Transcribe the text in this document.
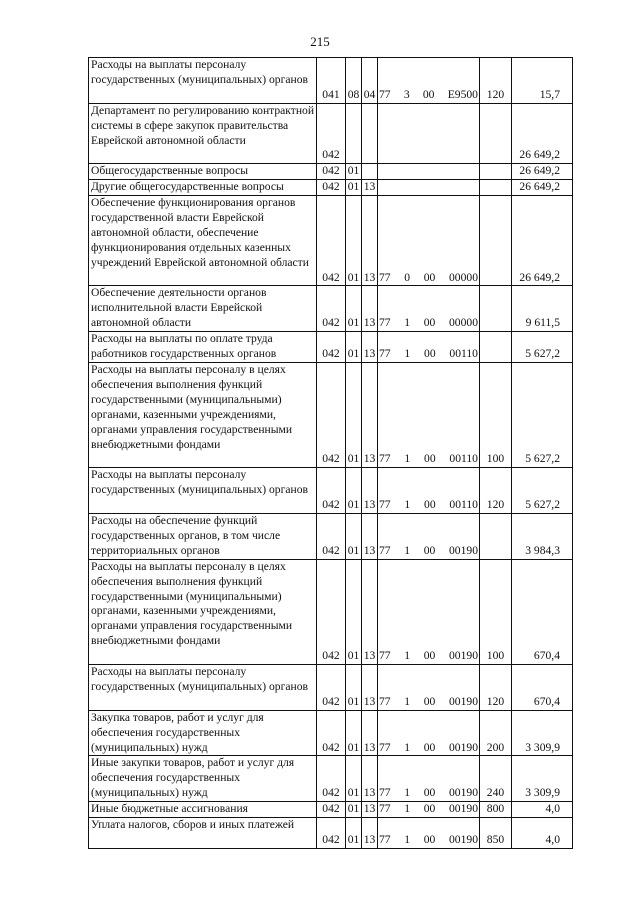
215
Расходы на выплаты персоналу государственных (муниципальных) органов	041	08	04	77 3 00 E9500	120	15,7
Департамент по регулированию контрактной системы в сфере закупок правительства Еврейской автономной области	042					26 649,2
Общегосударственные вопросы	042	01				26 649,2
Другие общегосударственные вопросы	042	01	13			26 649,2
Обеспечение функционирования органов государственной власти Еврейской автономной области, обеспечение функционирования отдельных казенных учреждений Еврейской автономной области	042	01	13	77 0 00 00000		26 649,2
Обеспечение деятельности органов исполнительной власти Еврейской автономной области	042	01	13	77 1 00 00000		9 611,5
Расходы на выплаты по оплате труда работников государственных органов	042	01	13	77 1 00 00110		5 627,2
Расходы на выплаты персоналу в целях обеспечения выполнения функций государственными (муниципальными) органами, казенными учреждениями, органами управления государственными внебюджетными фондами	042	01	13	77 1 00 00110	100	5 627,2
Расходы на выплаты персоналу государственных (муниципальных) органов	042	01	13	77 1 00 00110	120	5 627,2
Расходы на обеспечение функций государственных органов, в том числе территориальных органов	042	01	13	77 1 00 00190		3 984,3
Расходы на выплаты персоналу в целях обеспечения выполнения функций государственными (муниципальными) органами, казенными учреждениями, органами управления государственными внебюджетными фондами	042	01	13	77 1 00 00190	100	670,4
Расходы на выплаты персоналу государственных (муниципальных) органов	042	01	13	77 1 00 00190	120	670,4
Закупка товаров, работ и услуг для обеспечения государственных (муниципальных) нужд	042	01	13	77 1 00 00190	200	3 309,9
Иные закупки товаров, работ и услуг для обеспечения государственных (муниципальных) нужд	042	01	13	77 1 00 00190	240	3 309,9
Иные бюджетные ассигнования	042	01	13	77 1 00 00190	800	4,0
Уплата налогов, сборов и иных платежей	042	01	13	77 1 00 00190	850	4,0
